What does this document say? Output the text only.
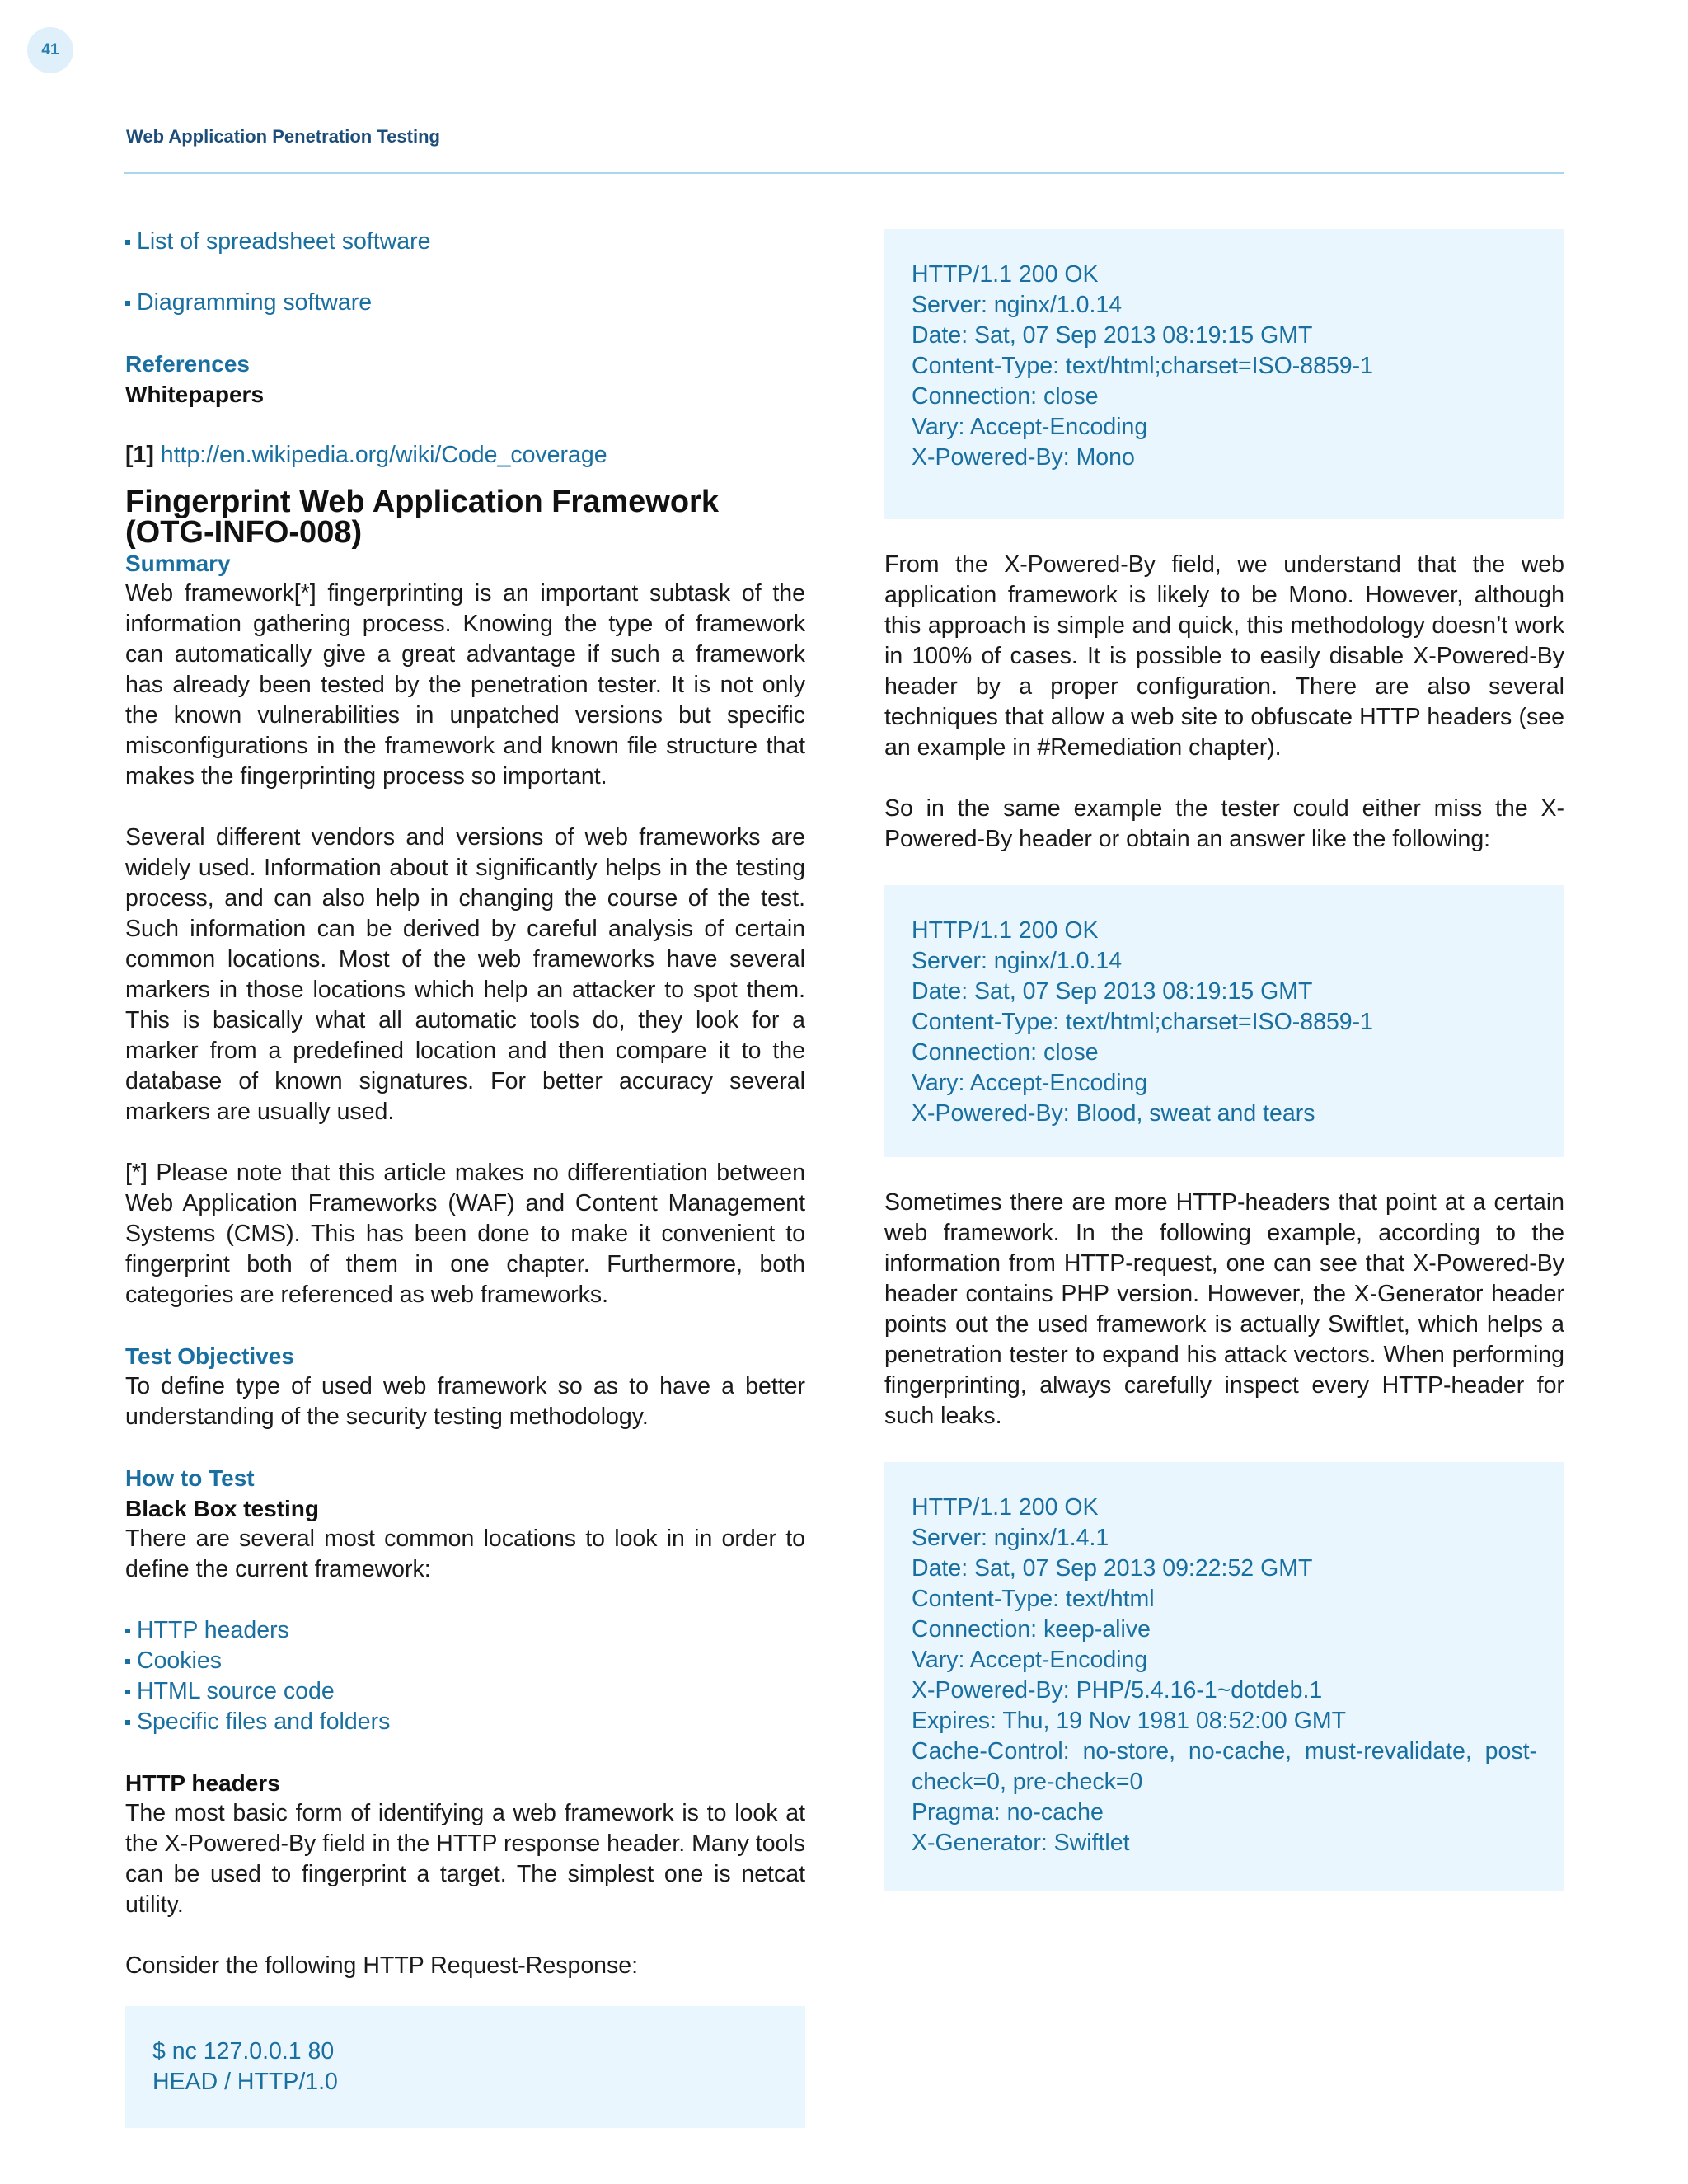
41
Web Application Penetration Testing
List of spreadsheet software
Diagramming software
References
Whitepapers

[1] http://en.wikipedia.org/wiki/Code_coverage

Fingerprint Web Application Framework
(OTG-INFO-008)
Summary

Web framework[*] fingerprinting is an important subtask of the information gathering process. Knowing the type of framework can automatically give a great advantage if such a framework has already been tested by the penetration tester. It is not only the known vulnerabilities in unpatched versions but specific misconfigurations in the framework and known file structure that makes the fingerprinting process so important.

Several different vendors and versions of web frameworks are widely used. Information about it significantly helps in the testing process, and can also help in changing the course of the test. Such information can be derived by careful analysis of certain common locations. Most of the web frameworks have several markers in those locations which help an attacker to spot them. This is basically what all automatic tools do, they look for a marker from a predefined location and then compare it to the database of known signatures. For better accuracy several markers are usually used.

[*] Please note that this article makes no differentiation between Web Application Frameworks (WAF) and Content Management Systems (CMS). This has been done to make it convenient to fingerprint both of them in one chapter. Furthermore, both categories are referenced as web frameworks.

Test Objectives

To define type of used web framework so as to have a better understanding of the security testing methodology.

How to Test
Black Box testing

There are several most common locations to look in in order to define the current framework:

HTTP headers
Cookies
HTML source code
Specific files and folders
HTTP headers

The most basic form of identifying a web framework is to look at the X-Powered-By field in the HTTP response header. Many tools can be used to fingerprint a target. The simplest one is netcat utility.

Consider the following HTTP Request-Response:

$ nc 127.0.0.1 80
HEAD / HTTP/1.0
HTTP/1.1 200 OK
Server: nginx/1.0.14
Date: Sat, 07 Sep 2013 08:19:15 GMT
Content-Type: text/html;charset=ISO-8859-1
Connection: close
Vary: Accept-Encoding
X-Powered-By: Mono

From the X-Powered-By field, we understand that the web application framework is likely to be Mono. However, although this approach is simple and quick, this methodology doesn’t work in 100% of cases. It is possible to easily disable X-Powered-By header by a proper configuration. There are also several techniques that allow a web site to obfuscate HTTP headers (see an example in #Remediation chapter).

So in the same example the tester could either miss the X-Powered-By header or obtain an answer like the following:

HTTP/1.1 200 OK
Server: nginx/1.0.14
Date: Sat, 07 Sep 2013 08:19:15 GMT
Content-Type: text/html;charset=ISO-8859-1
Connection: close
Vary: Accept-Encoding
X-Powered-By: Blood, sweat and tears

Sometimes there are more HTTP-headers that point at a certain web framework. In the following example, according to the information from HTTP-request, one can see that X-Powered-By header contains PHP version. However, the X-Generator header points out the used framework is actually Swiftlet, which helps a penetration tester to expand his attack vectors. When performing fingerprinting, always carefully inspect every HTTP-header for such leaks.

HTTP/1.1 200 OK
Server: nginx/1.4.1
Date: Sat, 07 Sep 2013 09:22:52 GMT
Content-Type: text/html
Connection: keep-alive
Vary: Accept-Encoding
X-Powered-By: PHP/5.4.16-1~dotdeb.1
Expires: Thu, 19 Nov 1981 08:52:00 GMT
Cache-Control: no-store, no-cache, must-revalidate, post-check=0, pre-check=0
Pragma: no-cache
X-Generator: Swiftlet
